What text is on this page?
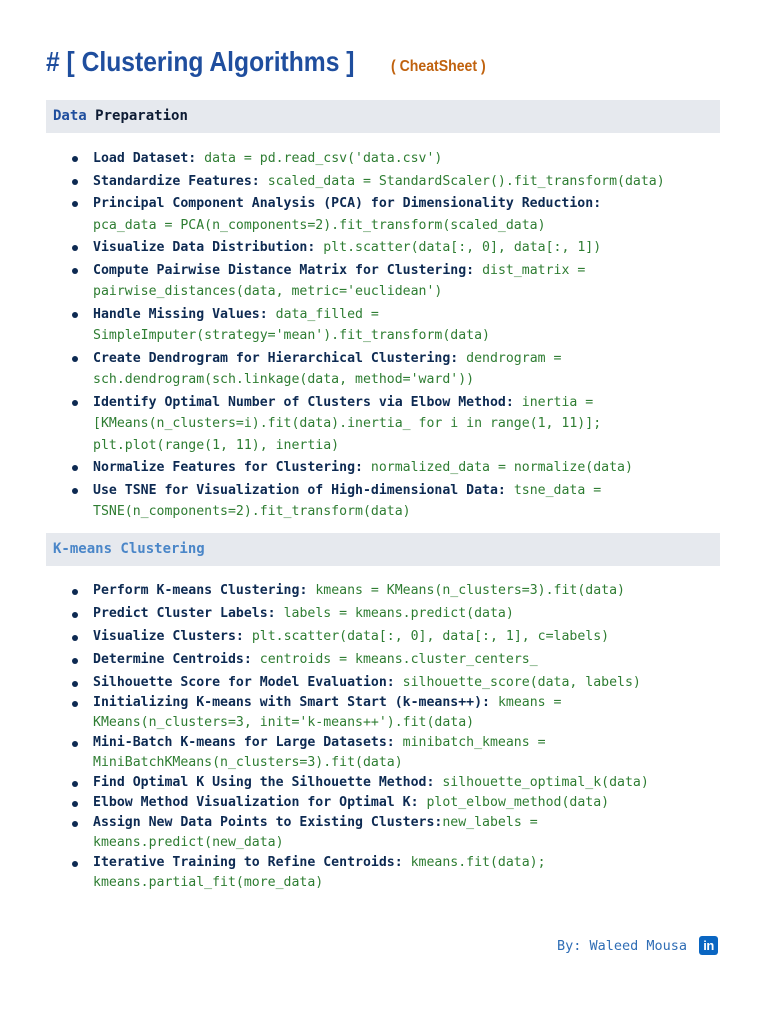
# [ Clustering Algorithms ] ( CheatSheet )
Data Preparation
Load Dataset: data = pd.read_csv('data.csv')
Standardize Features: scaled_data = StandardScaler().fit_transform(data)
Principal Component Analysis (PCA) for Dimensionality Reduction:
pca_data = PCA(n_components=2).fit_transform(scaled_data)
Visualize Data Distribution: plt.scatter(data[:, 0], data[:, 1])
Compute Pairwise Distance Matrix for Clustering: dist_matrix =
pairwise_distances(data, metric='euclidean')
Handle Missing Values: data_filled =
SimpleImputer(strategy='mean').fit_transform(data)
Create Dendrogram for Hierarchical Clustering: dendrogram =
sch.dendrogram(sch.linkage(data, method='ward'))
Identify Optimal Number of Clusters via Elbow Method: inertia =
[KMeans(n_clusters=i).fit(data).inertia_ for i in range(1, 11)];
plt.plot(range(1, 11), inertia)
Normalize Features for Clustering: normalized_data = normalize(data)
Use TSNE for Visualization of High-dimensional Data: tsne_data =
TSNE(n_components=2).fit_transform(data)
K-means Clustering
Perform K-means Clustering: kmeans = KMeans(n_clusters=3).fit(data)
Predict Cluster Labels: labels = kmeans.predict(data)
Visualize Clusters: plt.scatter(data[:, 0], data[:, 1], c=labels)
Determine Centroids: centroids = kmeans.cluster_centers_
Silhouette Score for Model Evaluation: silhouette_score(data, labels)
Initializing K-means with Smart Start (k-means++): kmeans =
KMeans(n_clusters=3, init='k-means++').fit(data)
Mini-Batch K-means for Large Datasets: minibatch_kmeans =
MiniBatchKMeans(n_clusters=3).fit(data)
Find Optimal K Using the Silhouette Method: silhouette_optimal_k(data)
Elbow Method Visualization for Optimal K: plot_elbow_method(data)
Assign New Data Points to Existing Clusters:new_labels =
kmeans.predict(new_data)
Iterative Training to Refine Centroids: kmeans.fit(data);
kmeans.partial_fit(more_data)
By: Waleed Mousa	in
